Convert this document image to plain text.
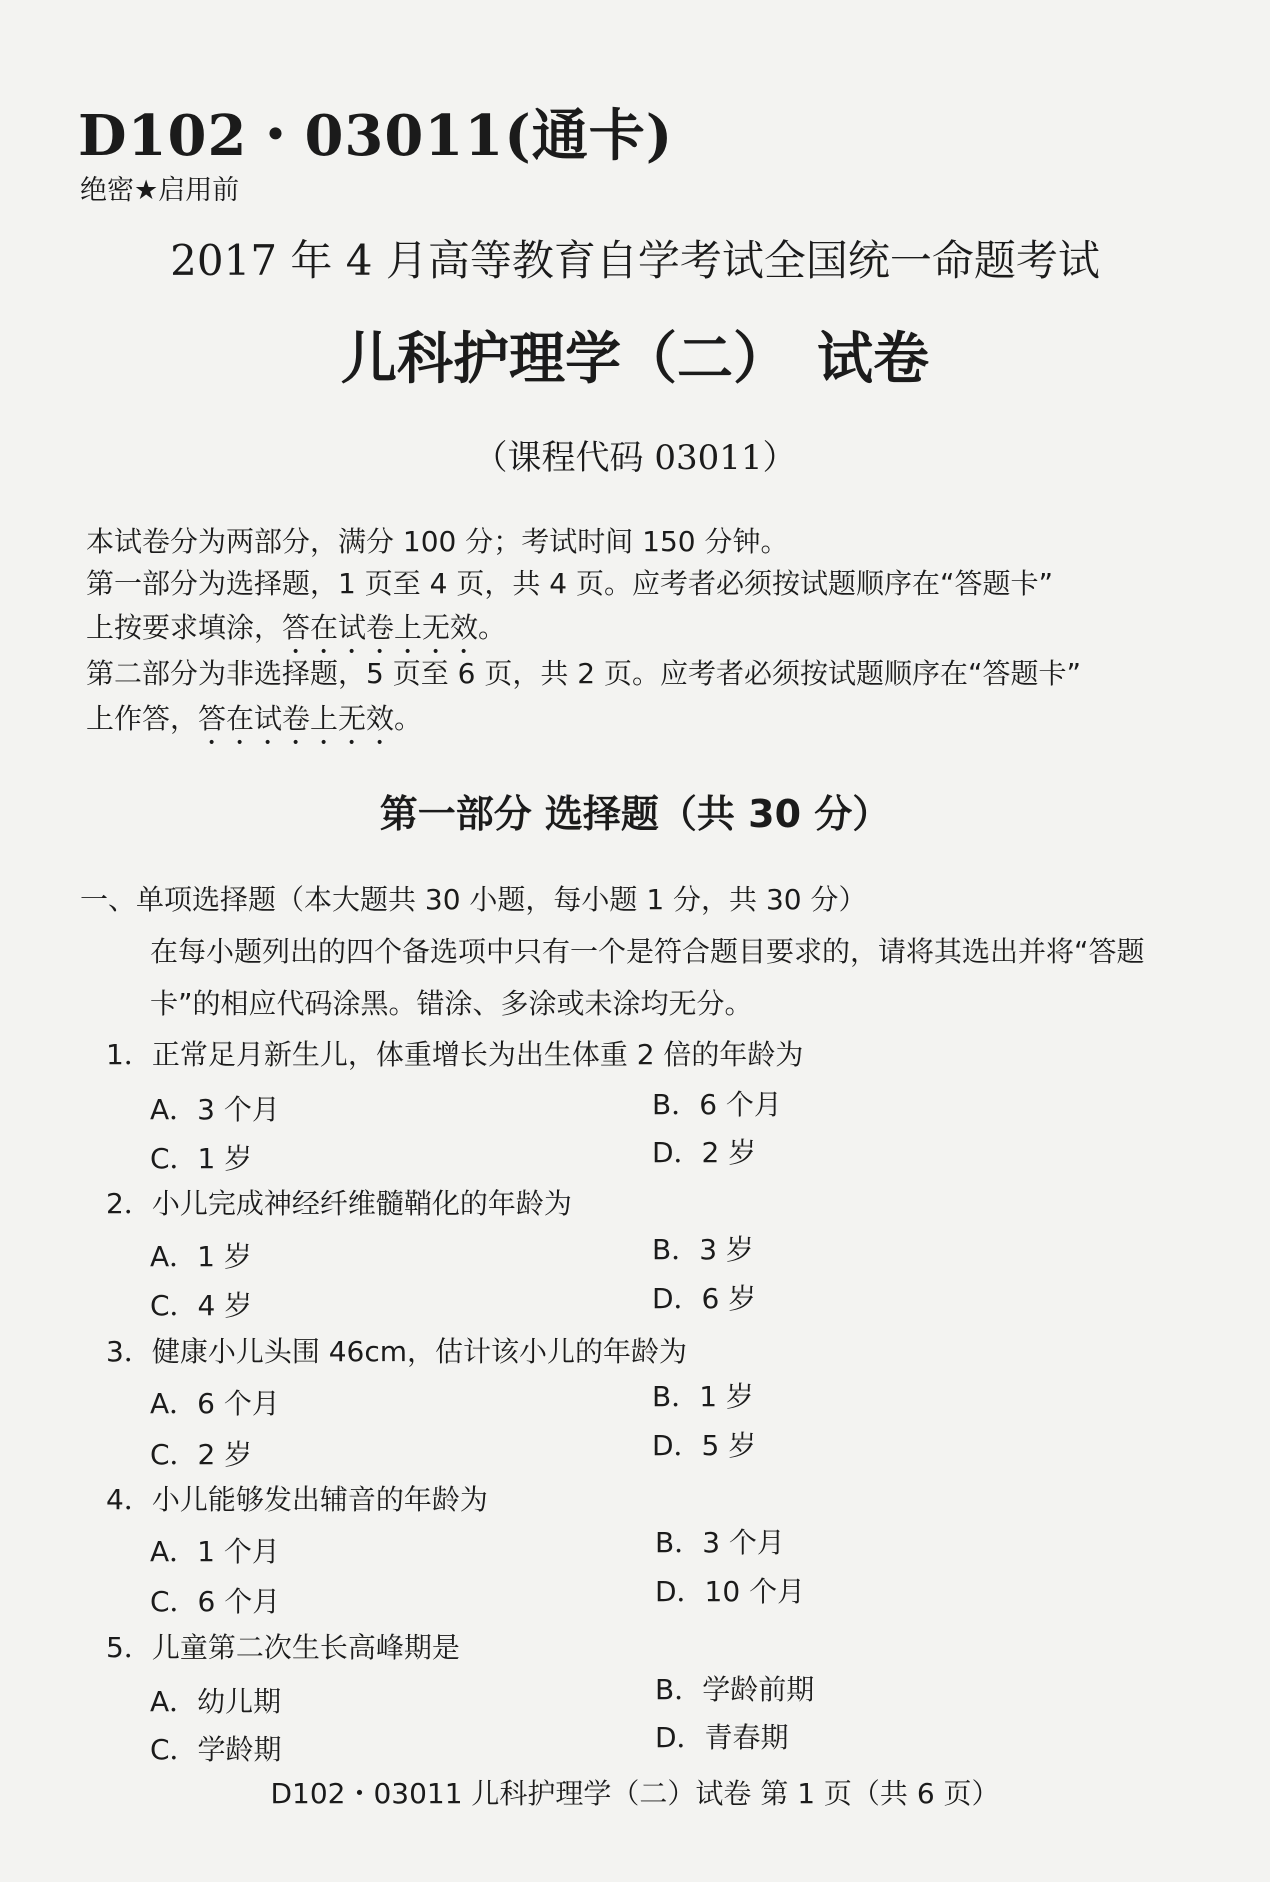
D102・03011(通卡)
绝密★启用前
2017 年 4 月高等教育自学考试全国统一命题考试
儿科护理学（二）　试卷
（课程代码 03011）
本试卷分为两部分，满分 100 分；考试时间 150 分钟。
第一部分为选择题，1 页至 4 页，共 4 页。应考者必须按试题顺序在“答题卡”
上按要求填涂，答在试卷上无效。
第二部分为非选择题，5 页至 6 页，共 2 页。应考者必须按试题顺序在“答题卡”
上作答，答在试卷上无效。
第一部分 选择题（共 30 分）
一、单项选择题（本大题共 30 小题，每小题 1 分，共 30 分）
在每小题列出的四个备选项中只有一个是符合题目要求的，请将其选出并将“答题
卡”的相应代码涂黑。错涂、多涂或未涂均无分。
1．正常足月新生儿，体重增长为出生体重 2 倍的年龄为
A．3 个月	B．6 个月
C．1 岁	D．2 岁
2．小儿完成神经纤维髓鞘化的年龄为
A．1 岁	B．3 岁
C．4 岁	D．6 岁
3．健康小儿头围 46cm，估计该小儿的年龄为
A．6 个月	B．1 岁
C．2 岁	D．5 岁
4．小儿能够发出辅音的年龄为
A．1 个月	B．3 个月
C．6 个月	D．10 个月
5．儿童第二次生长高峰期是
A．幼儿期	B．学龄前期
C．学龄期	D．青春期
D102・03011 儿科护理学（二）试卷 第 1 页（共 6 页）
